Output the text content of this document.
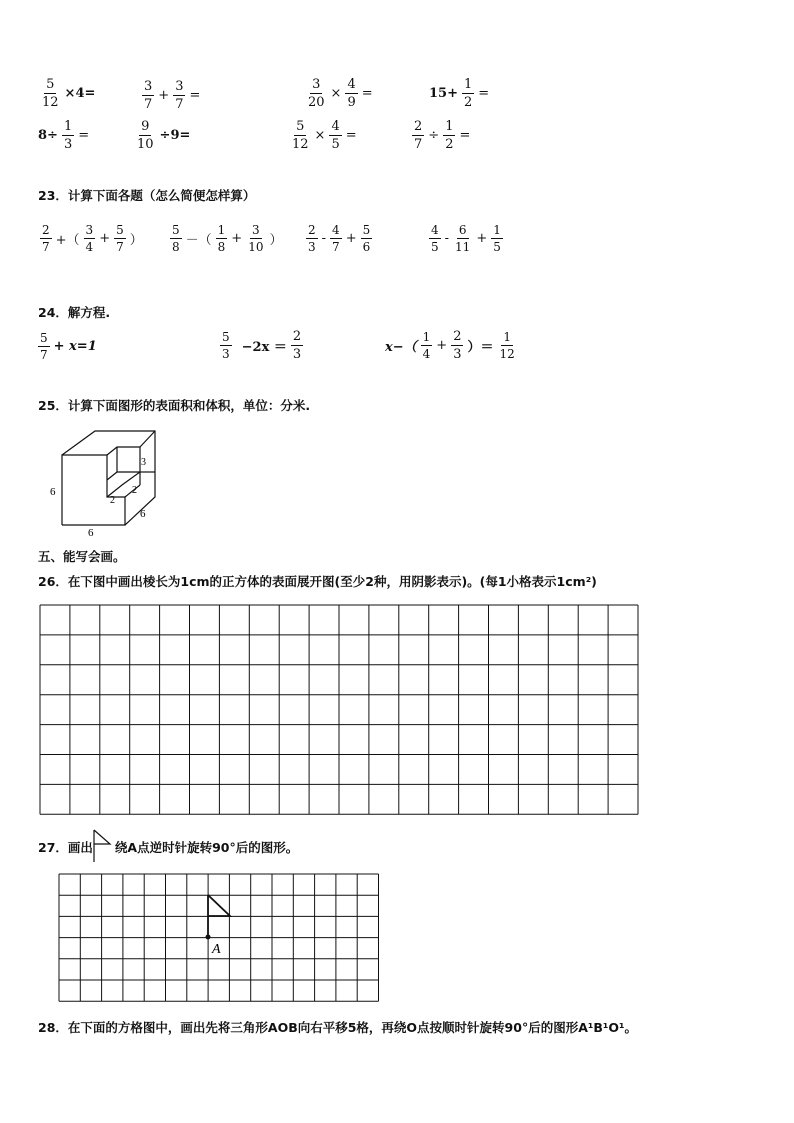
$\frac{5}{12} \times 4=$	$\frac{3}{7} + \frac{3}{7}$ =	$\frac{3}{20} \times \frac{4}{9}$ =	$15+ \frac{1}{2}$ =
$8\div \frac{1}{3}$ =	$\frac{9}{10} \div 9=$	$\frac{5}{12} \times \frac{4}{5}$ =	$\frac{2}{7} \div \frac{1}{2}$ =
23．计算下面各题（怎么简便怎样算）
$\frac{2}{7}$ +（ $\frac{3}{4} + \frac{5}{7}$ ） $\frac{5}{8}$ －（ $\frac{1}{8} + \frac{3}{10}$ ） $\frac{2}{3} - \frac{4}{7} + \frac{5}{6}$	$\frac{4}{5} - \frac{6}{11} + \frac{1}{5}$
24．解方程.
$\frac{5}{7} + x=1$	$\frac{5}{3} -2x = \frac{2}{3}$	$x-( \frac{1}{4} + \frac{2}{3}$ ）＝ $\frac{1}{12}$
25．计算下面图形的表面积和体积，单位：分米.
6
6
6
3
2
2
五、能写会画。
26．在下图中画出棱长为1cm的正方体的表面展开图(至少2种，用阴影表示)。(每1小格表示1cm²)
27．画出 绕A点逆时针旋转90°后的图形。
A
28．在下面的方格图中，画出先将三角形AOB向右平移5格，再绕O点按顺时针旋转90°后的图形A¹B¹O¹。
